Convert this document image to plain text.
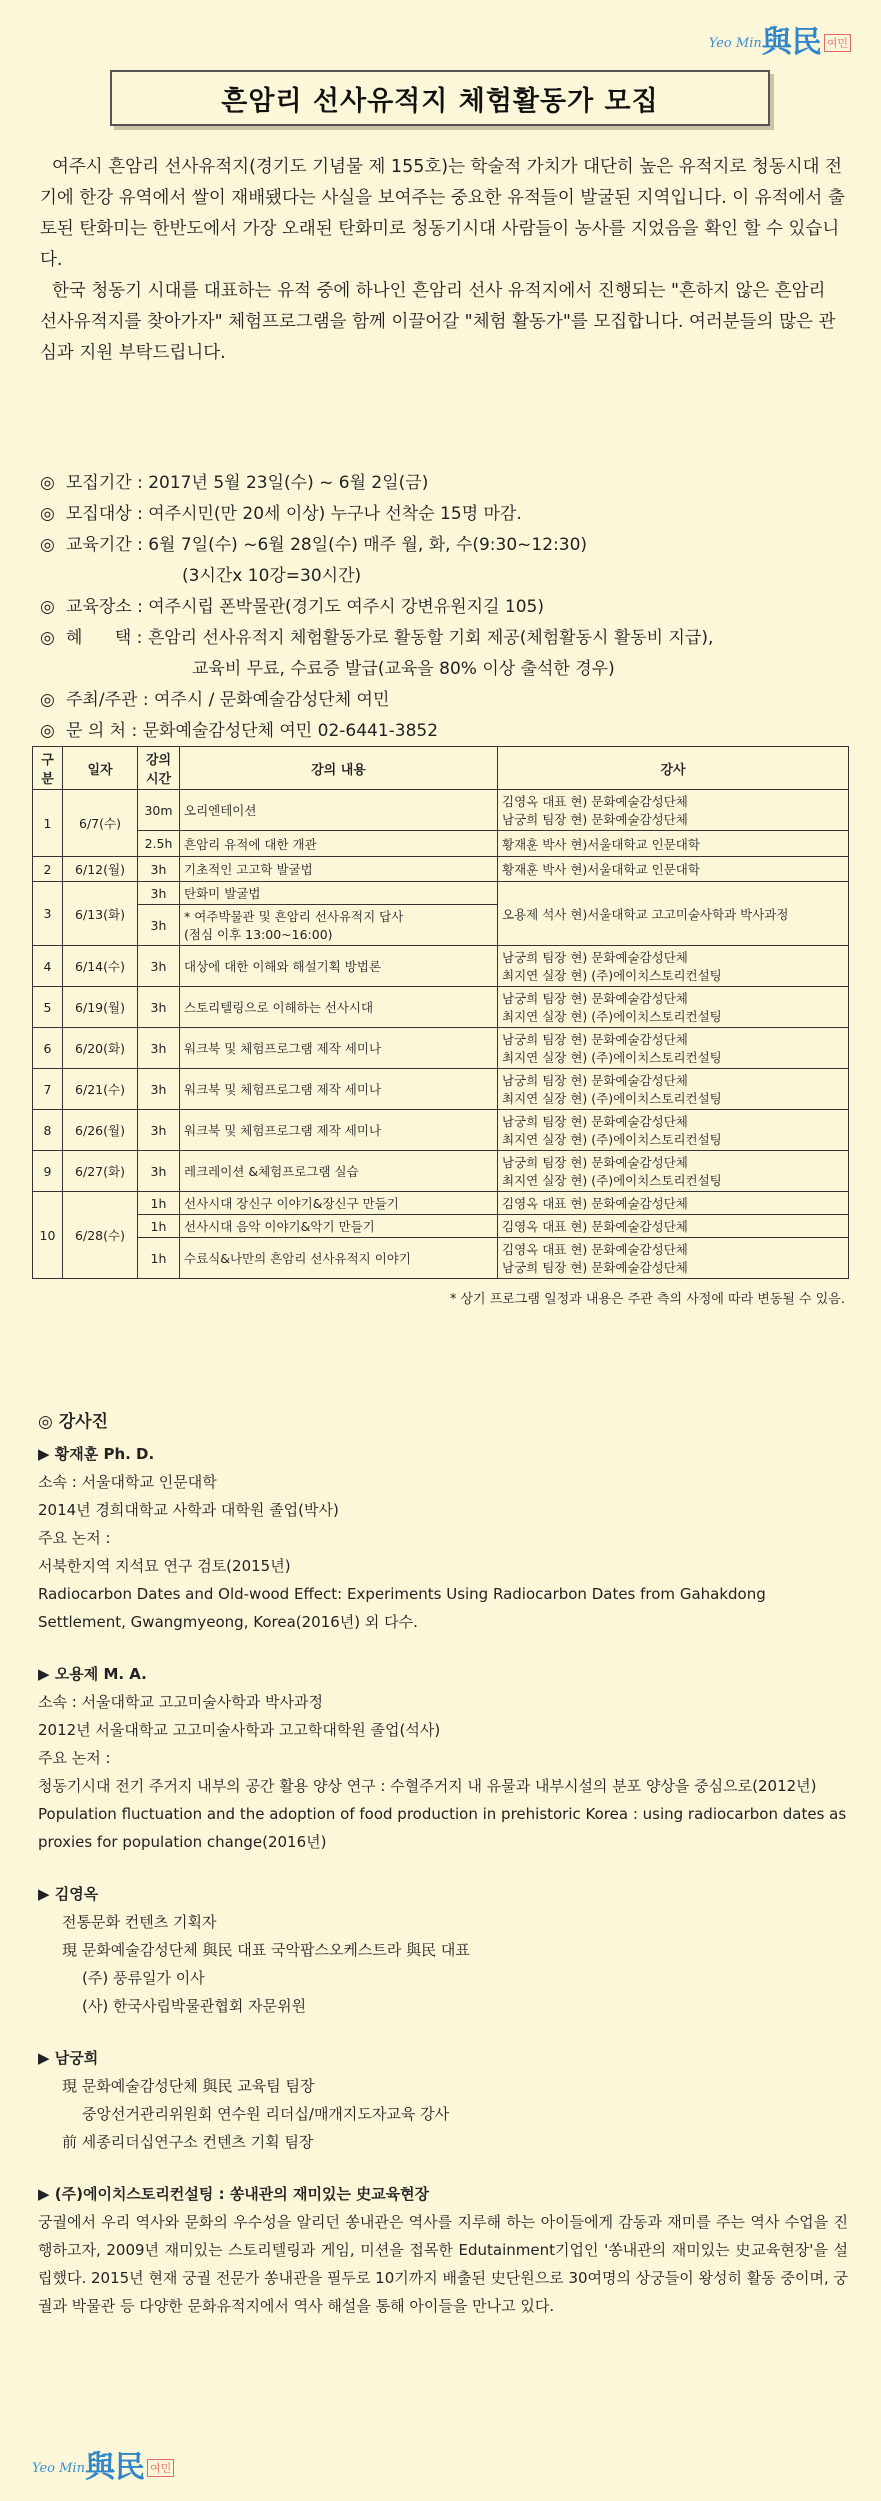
Yeo Min 與民 여민
흔암리 선사유적지 체험활동가 모집

여주시 흔암리 선사유적지(경기도 기념물 제 155호)는 학술적 가치가 대단히 높은 유적지로 청동시대 전기에 한강 유역에서 쌀이 재배됐다는 사실을 보여주는 중요한 유적들이 발굴된 지역입니다. 이 유적에서 출토된 탄화미는 한반도에서 가장 오래된 탄화미로 청동기시대 사람들이 농사를 지었음을 확인 할 수 있습니다.

한국 청동기 시대를 대표하는 유적 중에 하나인 흔암리 선사 유적지에서 진행되는 "흔하지 않은 흔암리 선사유적지를 찾아가자" 체험프로그램을 함께 이끌어갈 "체험 활동가"를 모집합니다. 여러분들의 많은 관심과 지원 부탁드립니다.

◎ 모집기간 : 2017년 5월 23일(수) ~ 6월 2일(금)
◎ 모집대상 : 여주시민(만 20세 이상) 누구나 선착순 15명 마감.
◎ 교육기간 : 6월 7일(수) ~6월 28일(수) 매주 월, 화, 수(9:30~12:30)
(3시간x 10강=30시간)
◎ 교육장소 : 여주시립 폰박물관(경기도 여주시 강변유원지길 105)
◎ 혜      택 : 흔암리 선사유적지 체험활동가로 활동할 기회 제공(체험활동시 활동비 지급),
교육비 무료, 수료증 발급(교육을 80% 이상 출석한 경우)
◎ 주최/주관 : 여주시 / 문화예술감성단체 여민
◎ 문 의 처 : 문화예술감성단체 여민 02-6441-3852
구분	일자	강의시간	강의 내용	강사
1	6/7(수)	30m	오리엔테이션	김영옥 대표 현) 문화예술감성단체
남궁희 팀장 현) 문화예술감성단체

		2.5h	흔암리 유적에 대한 개관	황재훈 박사 현)서울대학교 인문대학
2	6/12(월)	3h	기초적인 고고학 발굴법	황재훈 박사 현)서울대학교 인문대학
3	6/13(화)	3h	탄화미 발굴법	오용제 석사 현)서울대학교 고고미술사학과 박사과정
		3h	* 여주박물관 및 흔암리 선사유적지 답사
(점심 이후 13:00~16:00)	

4	6/14(수)	3h	대상에 대한 이해와 해설기획 방법론	남궁희 팀장 현) 문화예술감성단체
최지연 실장 현) (주)에이치스토리컨설팅

5	6/19(월)	3h	스토리텔링으로 이해하는 선사시대	남궁희 팀장 현) 문화예술감성단체
최지연 실장 현) (주)에이치스토리컨설팅

6	6/20(화)	3h	워크북 및 체험프로그램 제작 세미나	남궁희 팀장 현) 문화예술감성단체
최지연 실장 현) (주)에이치스토리컨설팅

7	6/21(수)	3h	워크북 및 체험프로그램 제작 세미나	남궁희 팀장 현) 문화예술감성단체
최지연 실장 현) (주)에이치스토리컨설팅

8	6/26(월)	3h	워크북 및 체험프로그램 제작 세미나	남궁희 팀장 현) 문화예술감성단체
최지연 실장 현) (주)에이치스토리컨설팅

9	6/27(화)	3h	레크레이션 &체험프로그램 실습	남궁희 팀장 현) 문화예술감성단체
최지연 실장 현) (주)에이치스토리컨설팅

10	6/28(수)	1h	선사시대 장신구 이야기&장신구 만들기	김영옥 대표 현) 문화예술감성단체
		1h	선사시대 음악 이야기&악기 만들기	김영옥 대표 현) 문화예술감성단체
		1h	수료식&나만의 흔암리 선사유적지 이야기	김영옥 대표 현) 문화예술감성단체
남궁희 팀장 현) 문화예술감성단체
* 상기 프로그램 일정과 내용은 주관 측의 사정에 따라 변동될 수 있음.
◎ 강사진
▶ 황재훈 Ph. D.
소속 : 서울대학교 인문대학
2014년 경희대학교 사학과 대학원 졸업(박사)
주요 논저 :
서북한지역 지석묘 연구 검토(2015년)
Radiocarbon Dates and Old-wood Effect: Experiments Using Radiocarbon Dates from Gahakdong Settlement, Gwangmyeong, Korea(2016년) 외 다수.
▶ 오용제 M. A.
소속 : 서울대학교 고고미술사학과 박사과정
2012년 서울대학교 고고미술사학과 고고학대학원 졸업(석사)
주요 논저 :
청동기시대 전기 주거지 내부의 공간 활용 양상 연구 : 수혈주거지 내 유물과 내부시설의 분포 양상을 중심으로(2012년)
Population fluctuation and the adoption of food production in prehistoric Korea : using radiocarbon dates as proxies for population change(2016년)
▶ 김영옥
전통문화 컨텐츠 기획자
現 문화예술감성단체 與民 대표 국악팝스오케스트라 與民 대표
(주) 풍류일가 이사
(사) 한국사립박물관협회 자문위원
▶ 남궁희
現 문화예술감성단체 與民 교육팀 팀장
중앙선거관리위원회 연수원 리더십/매개지도자교육 강사
前 세종리더십연구소 컨텐츠 기획 팀장
▶ (주)에이치스토리컨설팅 : 쏭내관의 재미있는 史교육현장

궁궐에서 우리 역사와 문화의 우수성을 알리던 쏭내관은 역사를 지루해 하는 아이들에게 감동과 재미를 주는 역사 수업을 진행하고자, 2009년 재미있는 스토리텔링과 게임, 미션을 접목한 Edutainment기업인 '쏭내관의 재미있는 史교육현장'을 설립했다. 2015년 현재 궁궐 전문가 쏭내관을 필두로 10기까지 배출된 史단원으로 30여명의 상궁들이 왕성히 활동 중이며, 궁궐과 박물관 등 다양한 문화유적지에서 역사 해설을 통해 아이들을 만나고 있다.

Yeo Min 與民 여민
